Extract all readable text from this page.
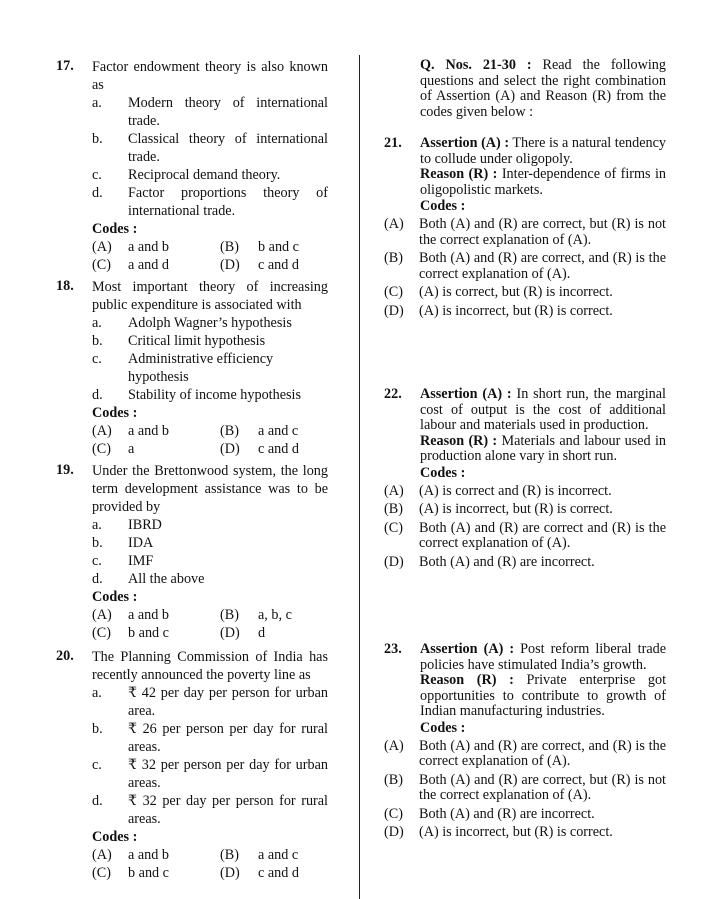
17. Factor endowment theory is also known as
a. Modern theory of international trade.
b. Classical theory of international trade.
c. Reciprocal demand theory.
d. Factor proportions theory of international trade.
Codes :
(A) a and b	(B) b and c
(C) a and d	(D) c and d
18. Most important theory of increasing public expenditure is associated with
a. Adolph Wagner’s hypothesis
b. Critical limit hypothesis
c. Administrative efficiency hypothesis
d. Stability of income hypothesis
Codes :
(A) a and b	(B) a and c
(C) a	(D) c and d
19. Under the Brettonwood system, the long term development assistance was to be provided by
a. IBRD
b. IDA
c. IMF
d. All the above
Codes :
(A) a and b	(B) a, b, c
(C) b and c	(D) d
20. The Planning Commission of India has recently announced the poverty line as
a. ₹ 42 per day per person for urban area.
b. ₹ 26 per person per day for rural areas.
c. ₹ 32 per person per day for urban areas.
d. ₹ 32 per day per person for rural areas.
Codes :
(A) a and b	(B) a and c
(C) b and c	(D) c and d
Q. Nos. 21-30 : Read the following questions and select the right combination of Assertion (A) and Reason (R) from the codes given below :
21. Assertion (A) : There is a natural tendency to collude under oligopoly.
Reason (R) : Inter-dependence of firms in oligopolistic markets.
Codes :
(A) Both (A) and (R) are correct, but (R) is not the correct explanation of (A).
(B) Both (A) and (R) are correct, and (R) is the correct explanation of (A).
(C) (A) is correct, but (R) is incorrect.
(D) (A) is incorrect, but (R) is correct.
22. Assertion (A) : In short run, the marginal cost of output is the cost of additional labour and materials used in production.
Reason (R) : Materials and labour used in production alone vary in short run.
Codes :
(A) (A) is correct and (R) is incorrect.
(B) (A) is incorrect, but (R) is correct.
(C) Both (A) and (R) are correct and (R) is the correct explanation of (A).
(D) Both (A) and (R) are incorrect.
23. Assertion (A) : Post reform liberal trade policies have stimulated India’s growth.
Reason (R) : Private enterprise got opportunities to contribute to growth of Indian manufacturing industries.
Codes :
(A) Both (A) and (R) are correct, and (R) is the correct explanation of (A).
(B) Both (A) and (R) are correct, but (R) is not the correct explanation of (A).
(C) Both (A) and (R) are incorrect.
(D) (A) is incorrect, but (R) is correct.
